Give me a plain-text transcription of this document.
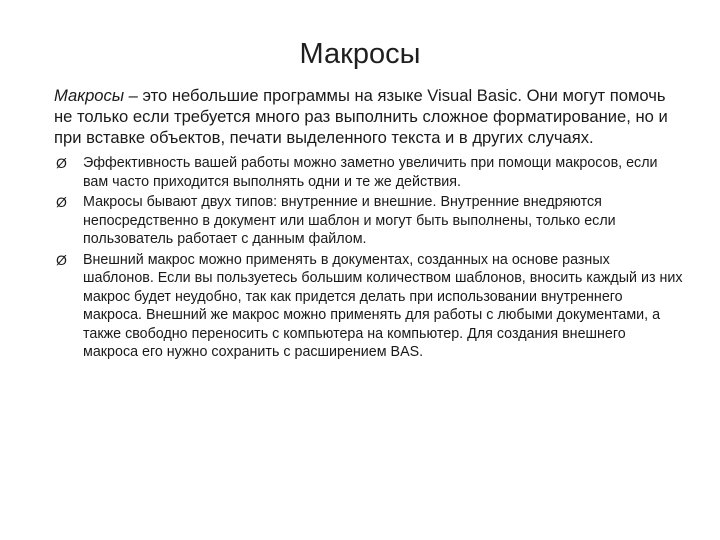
Макросы

Макросы – это небольшие программы на языке Visual Basic. Они могут помочь не только если требуется много раз выполнить сложное форматирование, но и при вставке объектов, печати выделенного текста и в других случаях.

Ø Эффективность вашей работы можно заметно увеличить при помощи макросов, если вам часто приходится выполнять одни и те же действия.
Ø Макросы бывают двух типов: внутренние и внешние. Внутренние внедряются непосредственно в документ или шаблон и могут быть выполнены, только если пользователь работает с данным файлом.
Ø Внешний макрос можно применять в документах, созданных на основе разных шаблонов. Если вы пользуетесь большим количеством шаблонов, вносить каждый из них макрос будет неудобно, так как придется делать при использовании внутреннего макроса. Внешний же макрос можно применять для работы с любыми документами, а также свободно переносить с компьютера на компьютер. Для создания внешнего макроса его нужно сохранить с расширением BAS.
